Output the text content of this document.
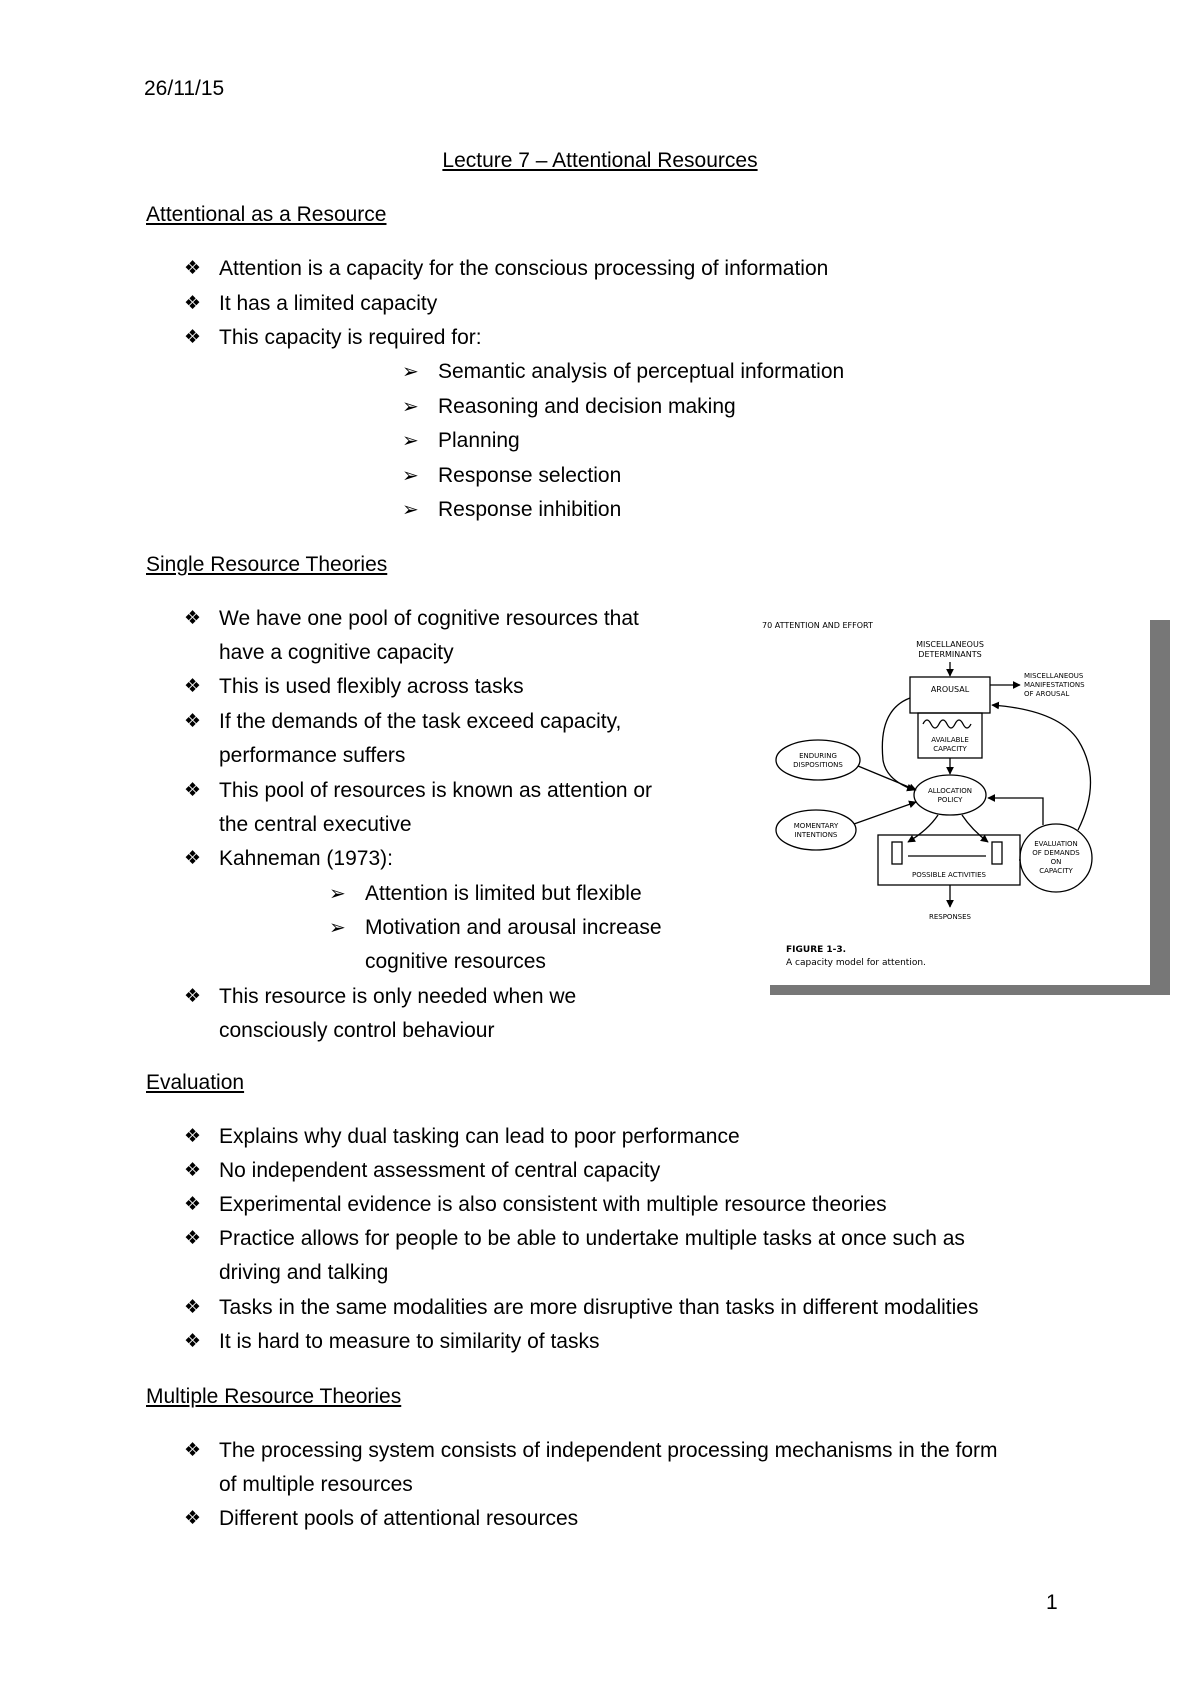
26/11/15
Lecture 7 – Attentional Resources
Attentional as a Resource
❖ Attention is a capacity for the conscious processing of information
❖ It has a limited capacity
❖ This capacity is required for:
➢ Semantic analysis of perceptual information
➢ Reasoning and decision making
➢ Planning
➢ Response selection
➢ Response inhibition
Single Resource Theories
❖ We have one pool of cognitive resources that
have a cognitive capacity
❖ This is used flexibly across tasks
❖ If the demands of the task exceed capacity,
performance suffers
❖ This pool of resources is known as attention or
the central executive
❖ Kahneman (1973):
➢ Attention is limited but flexible
➢ Motivation and arousal increase
cognitive resources
❖ This resource is only needed when we
consciously control behaviour
70 ATTENTION AND EFFORT
MISCELLANEOUS
DETERMINANTS
AROUSAL
MISCELLANEOUS
MANIFESTATIONS
OF AROUSAL
AVAILABLE
CAPACITY
ENDURING
DISPOSITIONS
ALLOCATION
POLICY
MOMENTARY
INTENTIONS
EVALUATION
OF DEMANDS
ON
CAPACITY
POSSIBLE ACTIVITIES
RESPONSES
FIGURE 1-3.
A capacity model for attention.
Evaluation
❖ Explains why dual tasking can lead to poor performance
❖ No independent assessment of central capacity
❖ Experimental evidence is also consistent with multiple resource theories
❖ Practice allows for people to be able to undertake multiple tasks at once such as
driving and talking
❖ Tasks in the same modalities are more disruptive than tasks in different modalities
❖ It is hard to measure to similarity of tasks
Multiple Resource Theories
❖ The processing system consists of independent processing mechanisms in the form
of multiple resources
❖ Different pools of attentional resources
1
